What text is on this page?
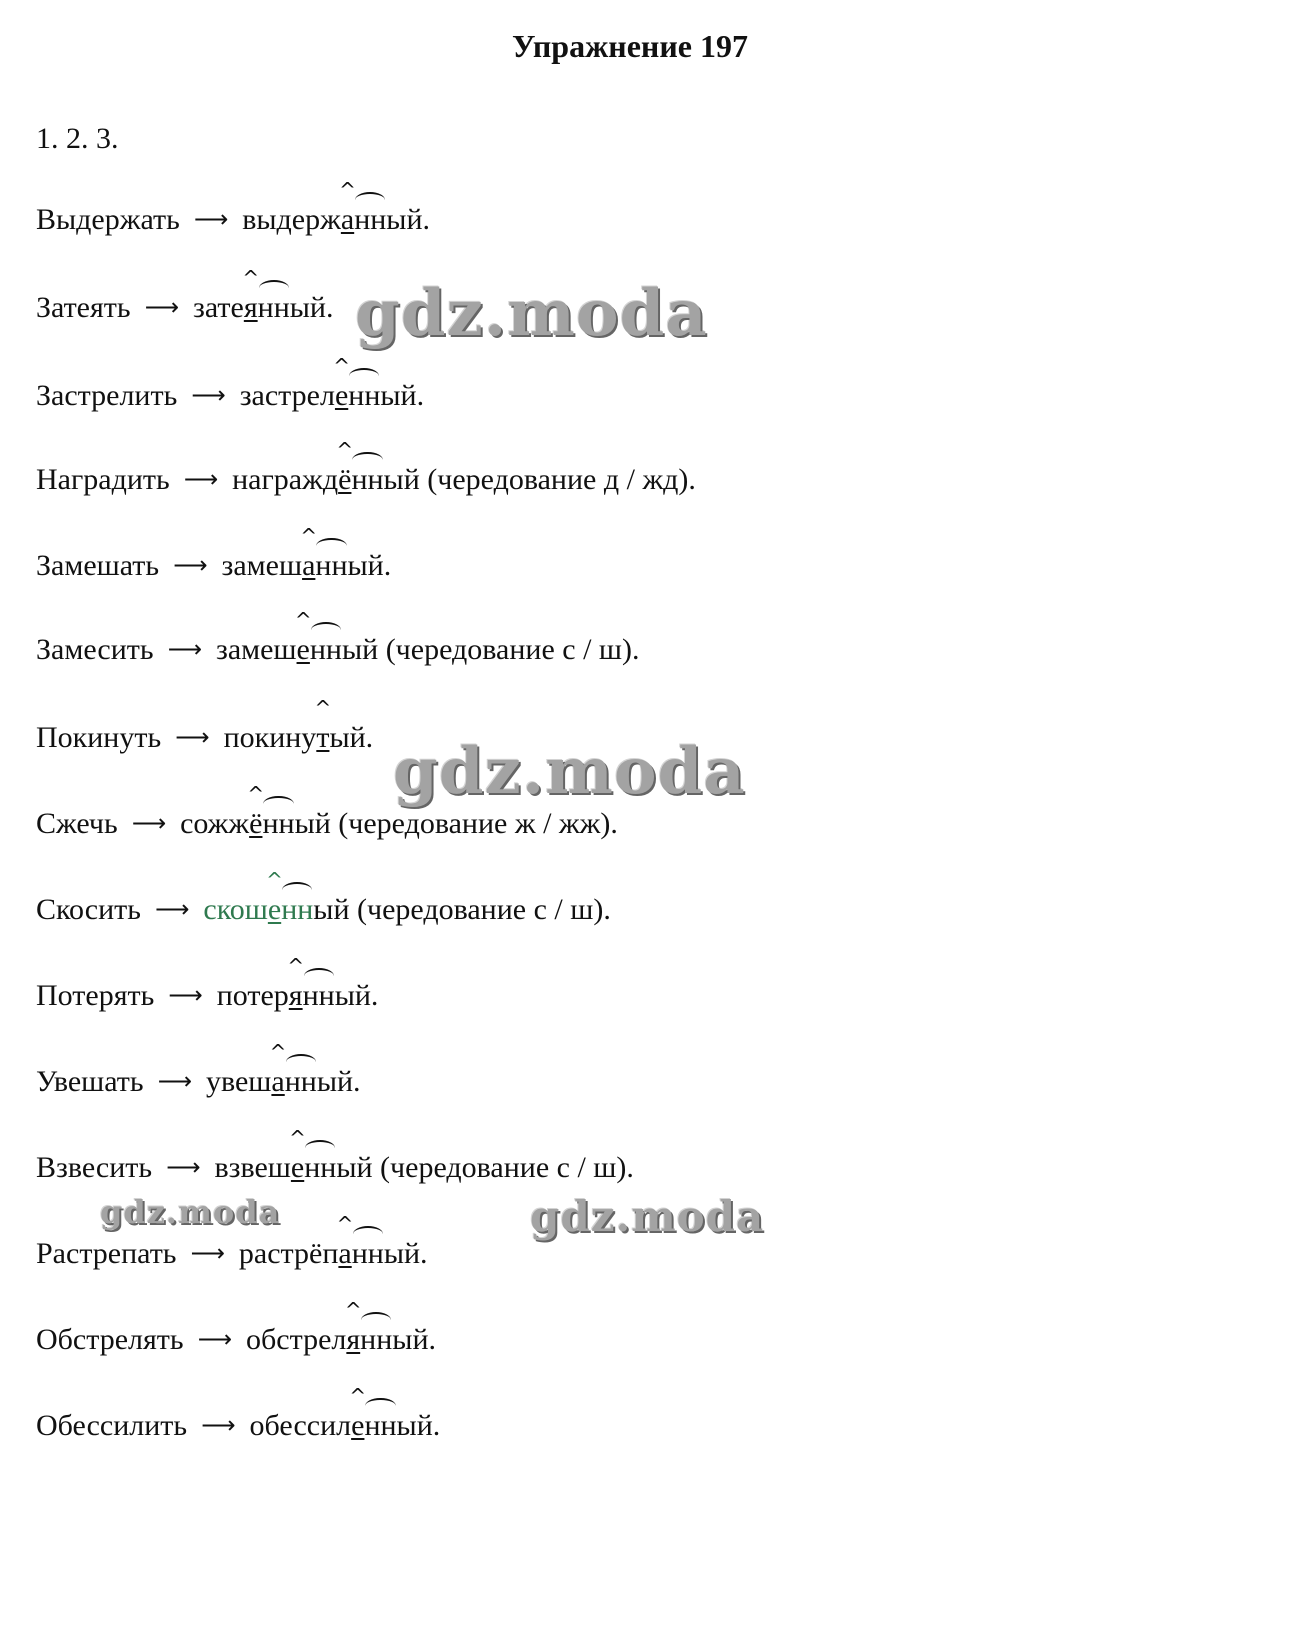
Упражнение 197
1. 2. 3.
Выдержать ⟶ выдержа
^
нный.
Затеять ⟶ затея
^
нный.
Застрелить ⟶ застреле
^
нный.
Наградить ⟶ награждё
^
нный (чередование д / жд).
Замешать ⟶ замеша
^
нный.
Замесить ⟶ замеше
^
нный (чередование с / ш).
Покинуть ⟶ покинут
^
ый.
Сжечь ⟶ сожжё
^
нный (чередование ж / жж).
Скосить ⟶ скоше
^
нный (чередование с / ш).
Потерять ⟶ потеря
^
нный.
Увешать ⟶ увеша
^
нный.
Взвесить ⟶ взвеше
^
нный (чередование с / ш).
Растрепать ⟶ растрёпа
^
нный.
Обстрелять ⟶ обстреля
^
нный.
Обессилить ⟶ обессиле
^
нный.
gdz.moda
gdz.moda
gdz.moda	gdz.moda
